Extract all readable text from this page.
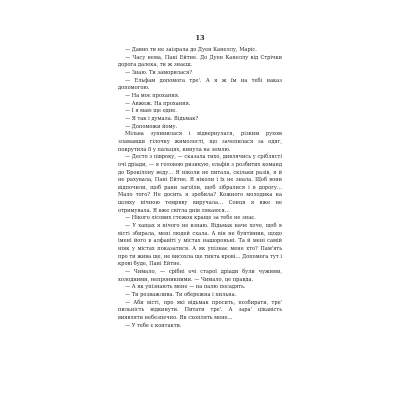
13

— Давно ти не заізрала до Дуен Канеллу, Маріс.

— Часу нема, Пані Ейтне. До Дуен Канеллу від Стрічки дорога далека, ти ж знаєш.

— Знаю. Ти заморилася?

— Ельфам допомога тре'. А я ж їм на тебі наказ допомогою.

— На моє прохання.

— Авжеж. На прохання.

— І я маю ще одне.

— Я так і думала. Відьмак?

— Допоможи йому.

Мільва зупинилася і відвернулася, різким рухом зламавши гілочку жимолості, що зачепилася за одяг, покрутила її у пальцях, кинула на землю.

— Десто з півроку, — сказала тихо, дивлячись у сріблясті очі дріади, — я головою ризикую, ельфів з розбитих команд до Брокілону веду… Я ніколи не питала, скільки разів, я й не рахувала, Пані Ейтне. Я ніколи і їх не знала. Щоб вони відпочили, щоб рани загоїли, щоб зібралися і в дорогу… Мало того? Не досить я зробила? Кожного молодика на шляху нічною темряву виручала… Сонця я вже не отримувала. Я вже світла днів лякаюся…

— Нікого лісових стежок краще за тебе не знає.

— У хащах я нічого не взнаю. Відьмак наче хоче, щоб я вісті збирала, мені людей схала. А він не бунтівник, щодо імені його в алфавіті у містах нашороньні. Та й мені самій ніяк у містах показатися. А як упізнає мене хто? Пам'ять про ти жива ще, не висохла ще тинта крові… Допомога тут і крові буде, Пані Ейтне.

— Чимало, — срібні очі старої дріади були чужими, холодними, непроникними. — Чимало, це правда.

— А як упізнають мене — на палю посадять.

— Ти розважлива. Ти обережна і пильна.

— Аби вісті, про які відьмак просить, позбирати, тре' пильність відкинути. Питати тре'. А зара' цікавість виявляти небезпечно. Як схоплять мене…

— У тебе є контакти.
